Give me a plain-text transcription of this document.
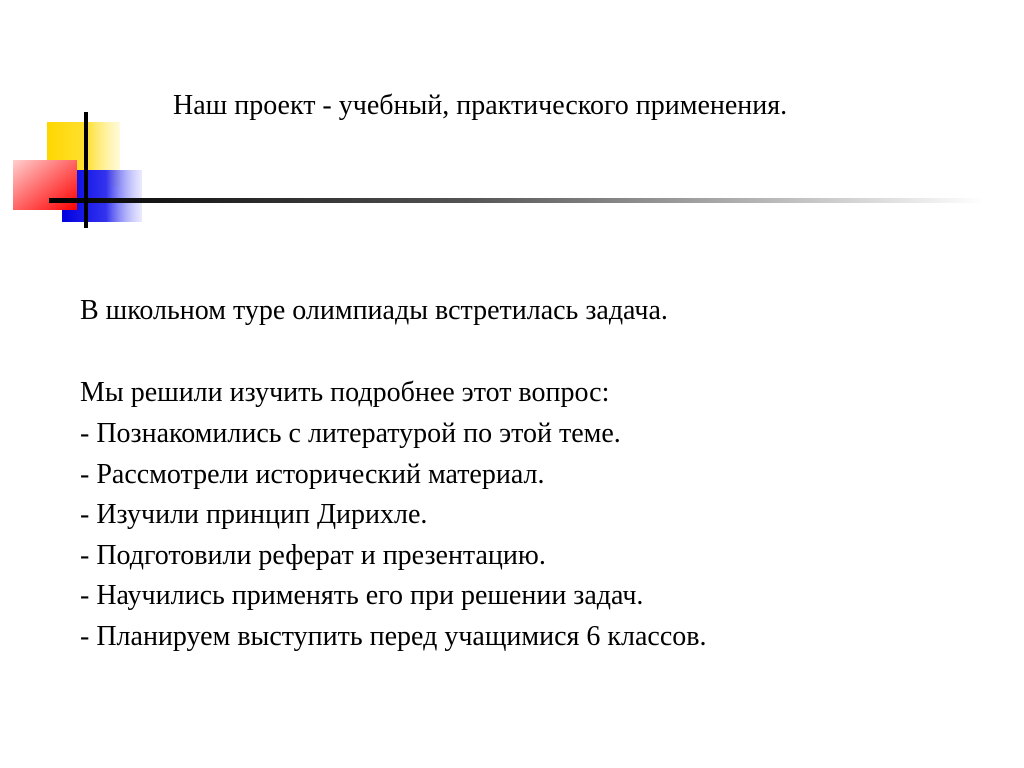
Наш проект - учебный, практического применения.

В школьном туре олимпиады встретилась задача.

Мы решили изучить подробнее этот вопрос:

- Познакомились с литературой по этой теме.
- Рассмотрели исторический материал.
- Изучили принцип Дирихле.
- Подготовили реферат и презентацию.
- Научились применять его при решении задач.
- Планируем выступить перед учащимися 6 классов.
